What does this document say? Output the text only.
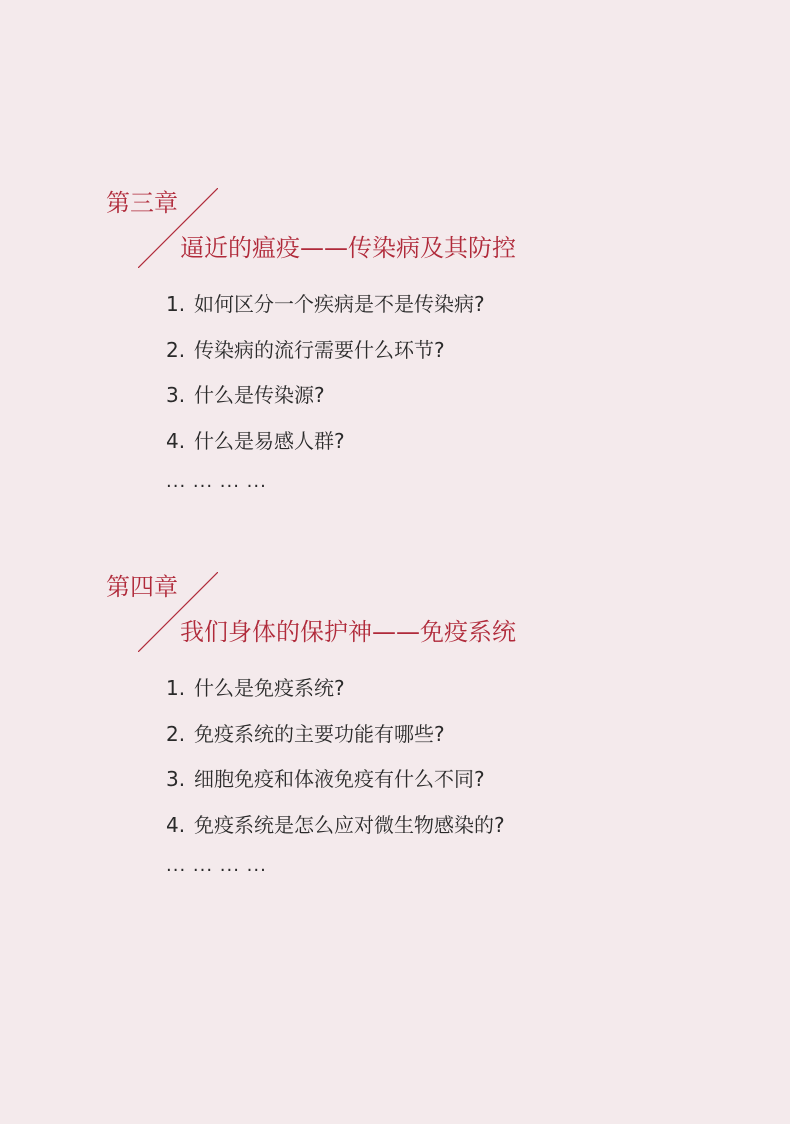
第三章
逼近的瘟疫——传染病及其防控
1. 如何区分一个疾病是不是传染病?
2. 传染病的流行需要什么环节?
3. 什么是传染源?
4. 什么是易感人群?
... ... ... ...
第四章
我们身体的保护神——免疫系统
1. 什么是免疫系统?
2. 免疫系统的主要功能有哪些?
3. 细胞免疫和体液免疫有什么不同?
4. 免疫系统是怎么应对微生物感染的?
... ... ... ...
